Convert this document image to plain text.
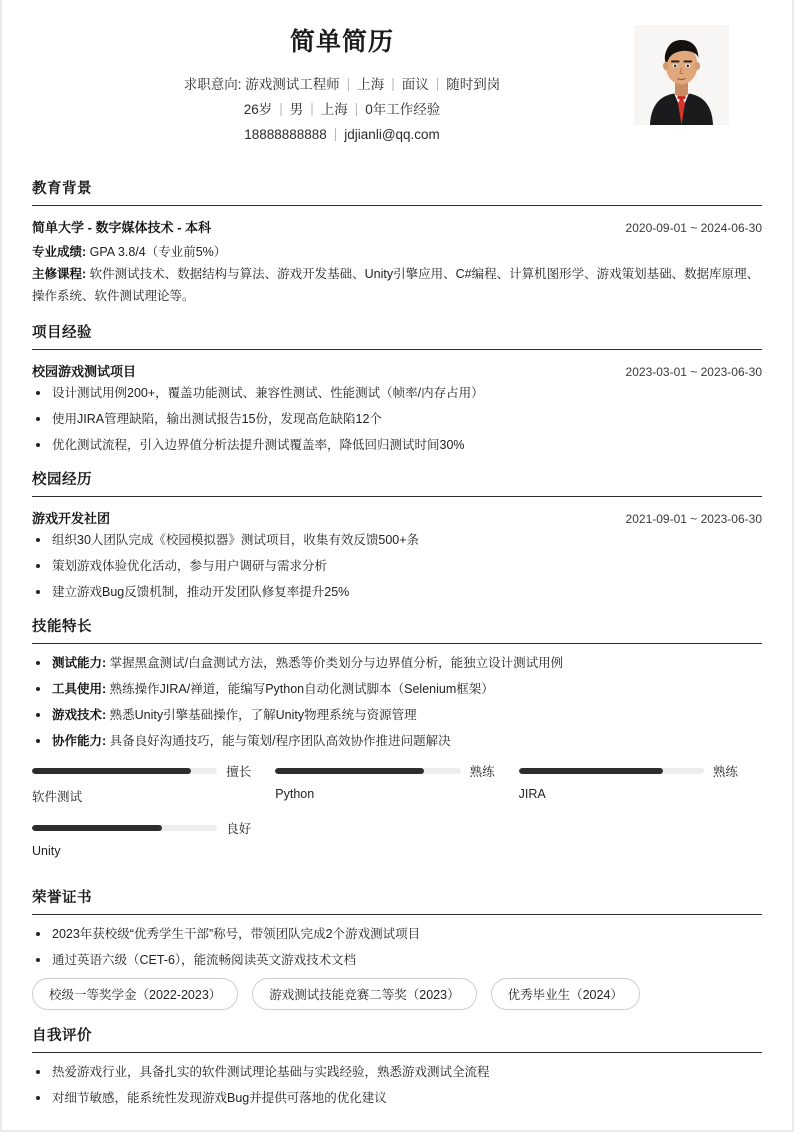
简单简历
求职意向: 游戏测试工程师 | 上海 | 面议 | 随时到岗
26岁 | 男 | 上海 | 0年工作经验
18888888888 | jdjianli@qq.com
教育背景
简单大学 - 数字媒体技术 - 本科	2020-09-01 ~ 2024-06-30
专业成绩: GPA 3.8/4（专业前5%）
主修课程: 软件测试技术、数据结构与算法、游戏开发基础、Unity引擎应用、C#编程、计算机图形学、游戏策划基础、数据库原理、操作系统、软件测试理论等。
项目经验
校园游戏测试项目	2023-03-01 ~ 2023-06-30
设计测试用例200+，覆盖功能测试、兼容性测试、性能测试（帧率/内存占用）
使用JIRA管理缺陷，输出测试报告15份，发现高危缺陷12个
优化测试流程，引入边界值分析法提升测试覆盖率，降低回归测试时间30%
校园经历
游戏开发社团	2021-09-01 ~ 2023-06-30
组织30人团队完成《校园模拟器》测试项目，收集有效反馈500+条
策划游戏体验优化活动，参与用户调研与需求分析
建立游戏Bug反馈机制，推动开发团队修复率提升25%
技能特长
测试能力: 掌握黑盒测试/白盒测试方法，熟悉等价类划分与边界值分析，能独立设计测试用例
工具使用: 熟练操作JIRA/禅道，能编写Python自动化测试脚本（Selenium框架）
游戏技术: 熟悉Unity引擎基础操作，了解Unity物理系统与资源管理
协作能力: 具备良好沟通技巧，能与策划/程序团队高效协作推进问题解决
擅长
软件测试
熟练
Python
熟练
JIRA
良好
Unity
荣誉证书
2023年获校级“优秀学生干部”称号，带领团队完成2个游戏测试项目
通过英语六级（CET-6），能流畅阅读英文游戏技术文档
校级一等奖学金（2022-2023）	游戏测试技能竞赛二等奖（2023）	优秀毕业生（2024）
自我评价
热爱游戏行业，具备扎实的软件测试理论基础与实践经验，熟悉游戏测试全流程
对细节敏感，能系统性发现游戏Bug并提供可落地的优化建议
